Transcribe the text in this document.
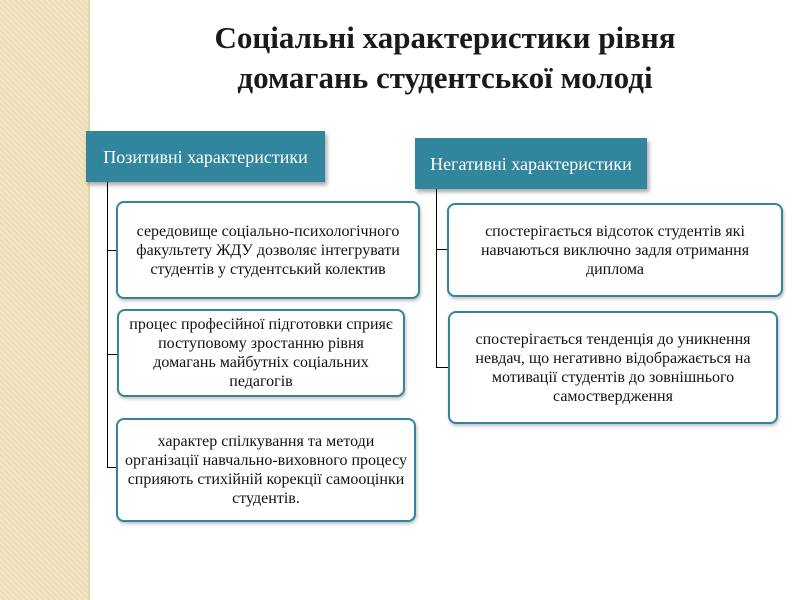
Соціальні характеристики рівня
домагань студентської молоді
Позитивні характеристики
середовище соціально-психологічного факультету ЖДУ дозволяє інтегрувати студентів у студентський колектив
процес професійної підготовки сприяє поступовому зростанню рівня домагань майбутніх соціальних педагогів
характер спілкування та методи організації навчально-виховного процесу сприяють стихійній корекції самооцінки студентів.
Негативні характеристики
спостерігається відсоток студентів які навчаються виключно задля отримання диплома
спостерігається тенденція до уникнення невдач, що негативно відображається на мотивації студентів до зовнішнього самоствердження
